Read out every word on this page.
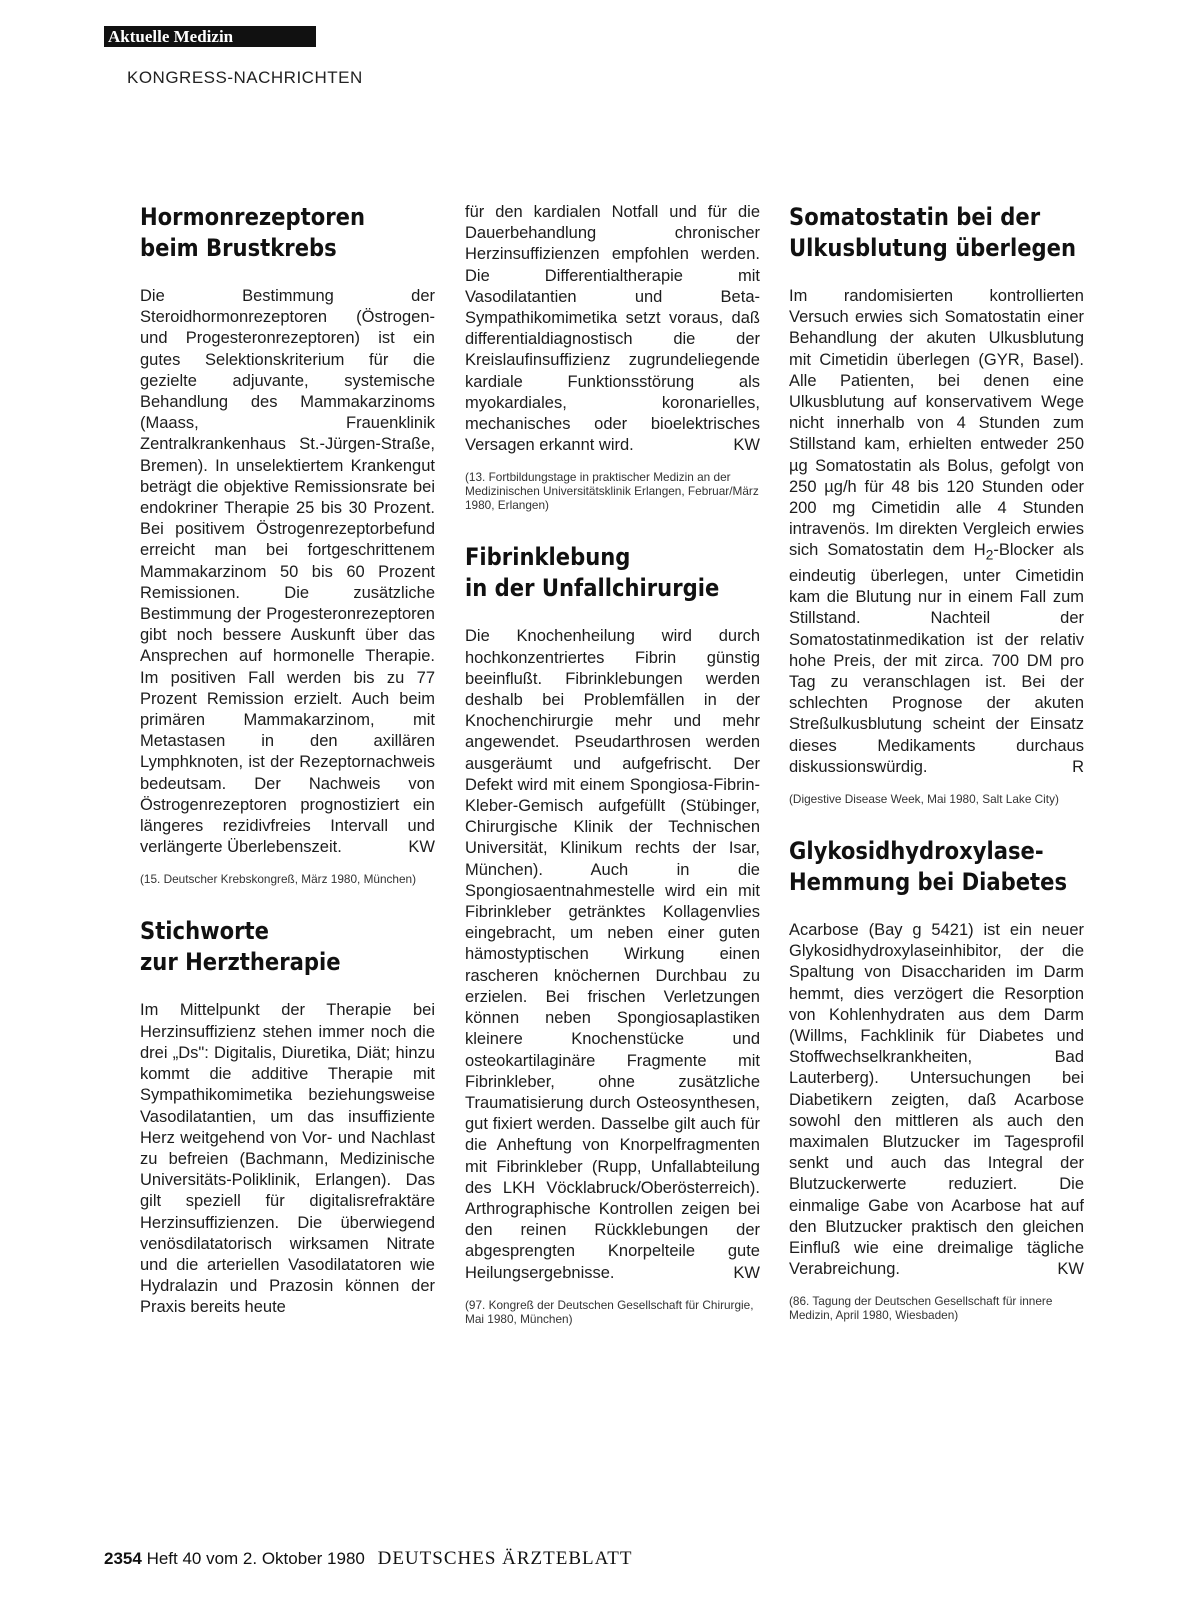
Aktuelle Medizin
KONGRESS-NACHRICHTEN
Hormonrezeptoren
beim Brustkrebs

Die Bestimmung der Steroidhormonrezeptoren (Östrogen- und Progesteronrezeptoren) ist ein gutes Selektionskriterium für die gezielte adjuvante, systemische Behandlung des Mammakarzinoms (Maass, Frauenklinik Zentralkrankenhaus St.-Jürgen-Straße, Bremen). In unselektiertem Krankengut beträgt die objektive Remissionsrate bei endokriner Therapie 25 bis 30 Prozent. Bei positivem Östrogenrezeptorbefund erreicht man bei fortgeschrittenem Mammakarzinom 50 bis 60 Prozent Remissionen. Die zusätzliche Bestimmung der Progesteronrezeptoren gibt noch bessere Auskunft über das Ansprechen auf hormonelle Therapie. Im positiven Fall werden bis zu 77 Prozent Remission erzielt. Auch beim primären Mammakarzinom, mit Metastasen in den axillären Lymphknoten, ist der Rezeptornachweis bedeutsam. Der Nachweis von Östrogenrezeptoren prognostiziert ein längeres rezidivfreies Intervall und verlängerte Überlebenszeit.	KW

(15. Deutscher Krebskongreß, März 1980, München)

Stichworte
zur Herztherapie

Im Mittelpunkt der Therapie bei Herzinsuffizienz stehen immer noch die drei „Ds": Digitalis, Diuretika, Diät; hinzu kommt die additive Therapie mit Sympathikomimetika beziehungsweise Vasodilatantien, um das insuffiziente Herz weitgehend von Vor- und Nachlast zu befreien (Bachmann, Medizinische Universitäts-Poliklinik, Erlangen). Das gilt speziell für digitalisrefraktäre Herzinsuffizienzen. Die überwiegend venösdilatatorisch wirksamen Nitrate und die arteriellen Vasodilatatoren wie Hydralazin und Prazosin können der Praxis bereits heute

für den kardialen Notfall und für die Dauerbehandlung chronischer Herzinsuffizienzen empfohlen werden. Die Differentialtherapie mit Vasodilatantien und Beta-Sympathikomimetika setzt voraus, daß differentialdiagnostisch die der Kreislaufinsuffizienz zugrundeliegende kardiale Funktionsstörung als myokardiales, koronarielles, mechanisches oder bioelektrisches Versagen erkannt wird.	KW

(13. Fortbildungstage in praktischer Medizin an der Medizinischen Universitätsklinik Erlangen, Februar/März 1980, Erlangen)

Fibrinklebung
in der Unfallchirurgie

Die Knochenheilung wird durch hochkonzentriertes Fibrin günstig beeinflußt. Fibrinklebungen werden deshalb bei Problemfällen in der Knochenchirurgie mehr und mehr angewendet. Pseudarthrosen werden ausgeräumt und aufgefrischt. Der Defekt wird mit einem Spongiosa-Fibrin-Kleber-Gemisch aufgefüllt (Stübinger, Chirurgische Klinik der Technischen Universität, Klinikum rechts der Isar, München). Auch in die Spongiosaentnahmestelle wird ein mit Fibrinkleber getränktes Kollagenvlies eingebracht, um neben einer guten hämostyptischen Wirkung einen rascheren knöchernen Durchbau zu erzielen. Bei frischen Verletzungen können neben Spongiosaplastiken kleinere Knochenstücke und osteokartilaginäre Fragmente mit Fibrinkleber, ohne zusätzliche Traumatisierung durch Osteosynthesen, gut fixiert werden. Dasselbe gilt auch für die Anheftung von Knorpelfragmenten mit Fibrinkleber (Rupp, Unfallabteilung des LKH Vöcklabruck/Oberösterreich). Arthrographische Kontrollen zeigen bei den reinen Rückklebungen der abgesprengten Knorpelteile gute Heilungsergebnisse.	KW

(97. Kongreß der Deutschen Gesellschaft für Chirurgie, Mai 1980, München)

Somatostatin bei der
Ulkusblutung überlegen

Im randomisierten kontrollierten Versuch erwies sich Somatostatin einer Behandlung der akuten Ulkusblutung mit Cimetidin überlegen (GYR, Basel). Alle Patienten, bei denen eine Ulkusblutung auf konservativem Wege nicht innerhalb von 4 Stunden zum Stillstand kam, erhielten entweder 250 µg Somatostatin als Bolus, gefolgt von 250 µg/h für 48 bis 120 Stunden oder 200 mg Cimetidin alle 4 Stunden intravenös. Im direkten Vergleich erwies sich Somatostatin dem $H_2$-Blocker als eindeutig überlegen, unter Cimetidin kam die Blutung nur in einem Fall zum Stillstand. Nachteil der Somatostatinmedikation ist der relativ hohe Preis, der mit zirca. 700 DM pro Tag zu veranschlagen ist. Bei der schlechten Prognose der akuten Streßulkusblutung scheint der Einsatz dieses Medikaments durchaus diskussionswürdig.	R

(Digestive Disease Week, Mai 1980, Salt Lake City)

Glykosidhydroxylase-
Hemmung bei Diabetes

Acarbose (Bay g 5421) ist ein neuer Glykosidhydroxylaseinhibitor, der die Spaltung von Disacchariden im Darm hemmt, dies verzögert die Resorption von Kohlenhydraten aus dem Darm (Willms, Fachklinik für Diabetes und Stoffwechselkrankheiten, Bad Lauterberg). Untersuchungen bei Diabetikern zeigten, daß Acarbose sowohl den mittleren als auch den maximalen Blutzucker im Tagesprofil senkt und auch das Integral der Blutzuckerwerte reduziert. Die einmalige Gabe von Acarbose hat auf den Blutzucker praktisch den gleichen Einfluß wie eine dreimalige tägliche Verabreichung.	KW

(86. Tagung der Deutschen Gesellschaft für innere Medizin, April 1980, Wiesbaden)

2354 Heft 40 vom 2. Oktober 1980 DEUTSCHES ÄRZTEBLATT
